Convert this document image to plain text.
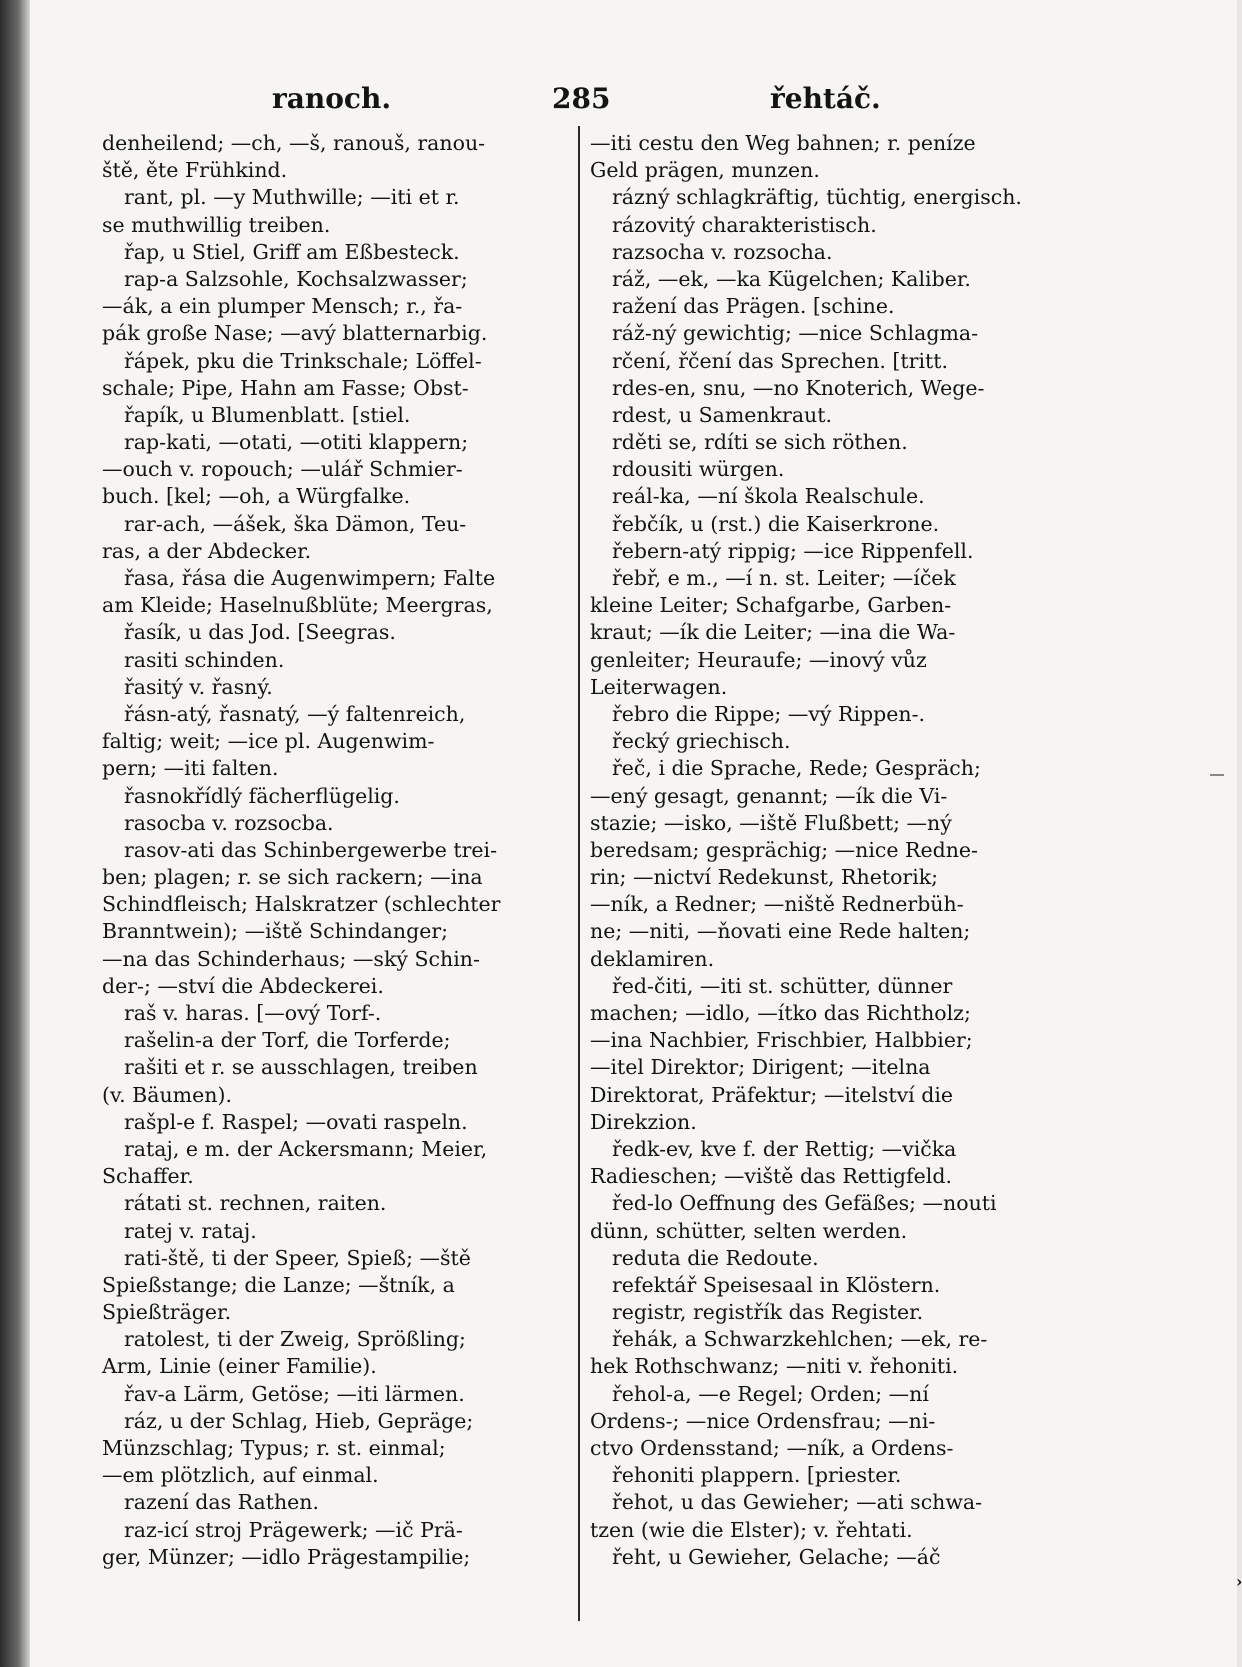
ranoch.	285	řehtáč.
denheilend; —ch, —š, ranouš, ranou-
ště, ěte Frühkind.
rant, pl. —y Muthwille; —iti et r.
se muthwillig treiben.
řap, u Stiel, Griff am Eßbesteck.
rap-a Salzsohle, Kochsalzwasser;
—ák, a ein plumper Mensch; r., řa-
pák große Nase; —avý blatternarbig.
řápek, pku die Trinkschale; Löffel-
schale; Pipe, Hahn am Fasse; Obst-
řapík, u Blumenblatt. [stiel.
rap-kati, —otati, —otiti klappern;
—ouch v. ropouch; —ulář Schmier-
buch. [kel; —oh, a Würgfalke.
rar-ach, —ášek, ška Dämon, Teu-
ras, a der Abdecker.
řasa, řása die Augenwimpern; Falte
am Kleide; Haselnußblüte; Meergras,
řasík, u das Jod. [Seegras.
rasiti schinden.
řasitý v. řasný.
řásn-atý, řasnatý, —ý faltenreich,
faltig; weit; —ice pl. Augenwim-
pern; —iti falten.
řasnokřídlý fächerflügelig.
rasocba v. rozsocba.
rasov-ati das Schinbergewerbe trei-
ben; plagen; r. se sich rackern; —ina
Schindfleisch; Halskratzer (schlechter
Branntwein); —iště Schindanger;
—na das Schinderhaus; —ský Schin-
der-; —ství die Abdeckerei.
raš v. haras. [—ový Torf-.
rašelin-a der Torf, die Torferde;
rašiti et r. se ausschlagen, treiben
(v. Bäumen).
rašpl-e f. Raspel; —ovati raspeln.
rataj, e m. der Ackersmann; Meier,
Schaffer.
rátati st. rechnen, raiten.
ratej v. rataj.
rati-ště, ti der Speer, Spieß; —ště
Spießstange; die Lanze; —štník, a
Spießträger.
ratolest, ti der Zweig, Sprößling;
Arm, Linie (einer Familie).
řav-a Lärm, Getöse; —iti lärmen.
ráz, u der Schlag, Hieb, Gepräge;
Münzschlag; Typus; r. st. einmal;
—em plötzlich, auf einmal.
razení das Rathen.
raz-icí stroj Prägewerk; —ič Prä-
ger, Münzer; —idlo Prägestampilie;
—iti cestu den Weg bahnen; r. peníze
Geld prägen, munzen.
rázný schlagkräftig, tüchtig, energisch.
rázovitý charakteristisch.
razsocha v. rozsocha.
ráž, —ek, —ka Kügelchen; Kaliber.
ražení das Prägen. [schine.
ráž-ný gewichtig; —nice Schlagma-
rčení, řčení das Sprechen. [tritt.
rdes-en, snu, —no Knoterich, Wege-
rdest, u Samenkraut.
rděti se, rdíti se sich röthen.
rdousiti würgen.
reál-ka, —ní škola Realschule.
řebčík, u (rst.) die Kaiserkrone.
řebern-atý rippig; —ice Rippenfell.
řebř, e m., —í n. st. Leiter; —íček
kleine Leiter; Schafgarbe, Garben-
kraut; —ík die Leiter; —ina die Wa-
genleiter; Heuraufe; —inový vůz
Leiterwagen.
řebro die Rippe; —vý Rippen-.
řecký griechisch.
řeč, i die Sprache, Rede; Gespräch;
—ený gesagt, genannt; —ík die Vi-
stazie; —isko, —iště Flußbett; —ný
beredsam; gesprächig; —nice Redne-
rin; —nictví Redekunst, Rhetorik;
—ník, a Redner; —niště Rednerbüh-
ne; —niti, —ňovati eine Rede halten;
deklamiren.
řed-čiti, —iti st. schütter, dünner
machen; —idlo, —ítko das Richtholz;
—ina Nachbier, Frischbier, Halbbier;
—itel Direktor; Dirigent; —itelna
Direktorat, Präfektur; —itelství die
Direkzion.
ředk-ev, kve f. der Rettig; —vička
Radieschen; —viště das Rettigfeld.
řed-lo Oeffnung des Gefäßes; —nouti
dünn, schütter, selten werden.
reduta die Redoute.
refektář Speisesaal in Klöstern.
registr, registřík das Register.
řehák, a Schwarzkehlchen; —ek, re-
hek Rothschwanz; —niti v. řehoniti.
řehol-a, —e Regel; Orden; —ní
Ordens-; —nice Ordensfrau; —ni-
ctvo Ordensstand; —ník, a Ordens-
řehoniti plappern. [priester.
řehot, u das Gewieher; —ati schwa-
tzen (wie die Elster); v. řehtati.
řeht, u Gewieher, Gelache; —áč
›
